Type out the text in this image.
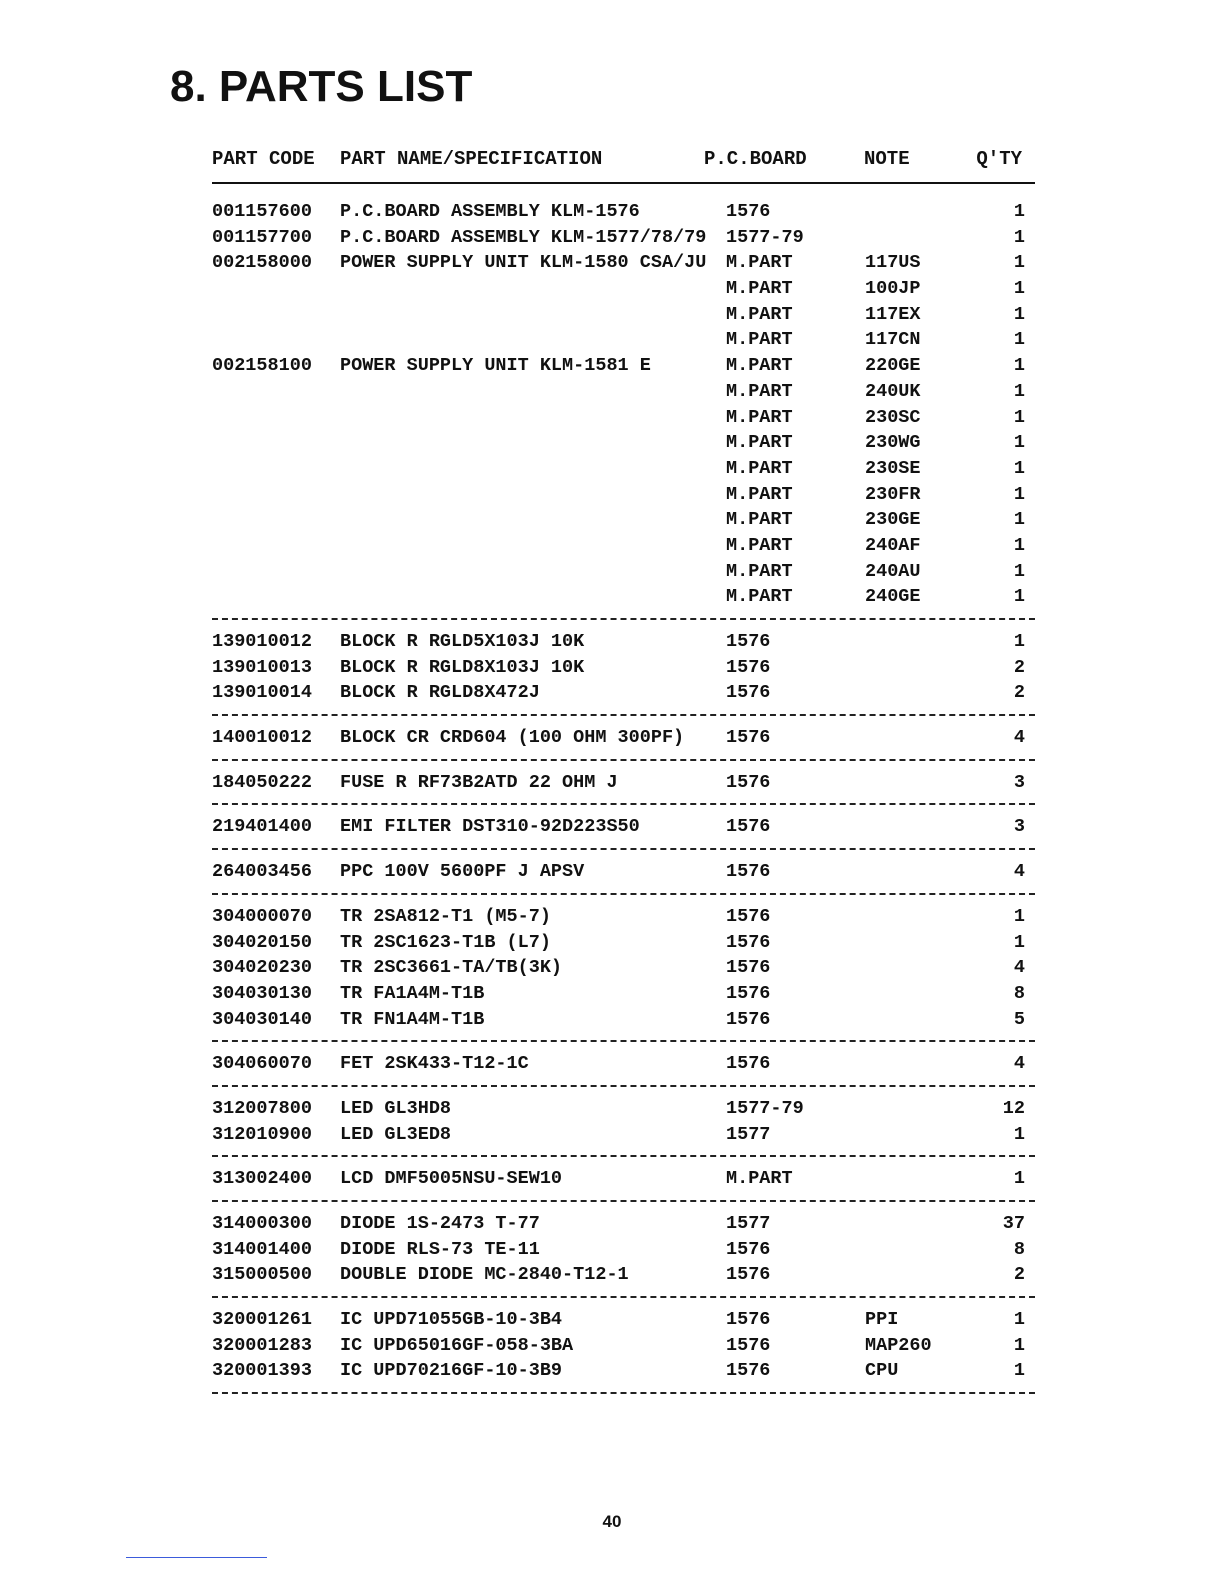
8. PARTS LIST
PART CODE PART NAME/SPECIFICATION	P.C.BOARD	NOTE	Q'TY
001157600 P.C.BOARD ASSEMBLY KLM-1576	1576	1
001157700 P.C.BOARD ASSEMBLY KLM-1577/78/79 1577-79	1
002158000 POWER SUPPLY UNIT KLM-1580 CSA/JU M.PART	117US	1
M.PART	100JP	1
M.PART	117EX	1
M.PART	117CN	1
002158100 POWER SUPPLY UNIT KLM-1581 E	M.PART	220GE	1
M.PART	240UK	1
M.PART	230SC	1
M.PART	230WG	1
M.PART	230SE	1
M.PART	230FR	1
M.PART	230GE	1
M.PART	240AF	1
M.PART	240AU	1
M.PART	240GE	1
139010012 BLOCK R RGLD5X103J 10K	1576	1
139010013 BLOCK R RGLD8X103J 10K	1576	2
139010014 BLOCK R RGLD8X472J	1576	2
140010012 BLOCK CR CRD604 (100 OHM 300PF) 1576	4
184050222 FUSE R RF73B2ATD 22 OHM J	1576	3
219401400 EMI FILTER DST310-92D223S50	1576	3
264003456 PPC 100V 5600PF J APSV	1576	4
304000070 TR 2SA812-T1 (M5-7)	1576	1
304020150 TR 2SC1623-T1B (L7)	1576	1
304020230 TR 2SC3661-TA/TB(3K)	1576	4
304030130 TR FA1A4M-T1B	1576	8
304030140 TR FN1A4M-T1B	1576	5
304060070 FET 2SK433-T12-1C	1576	4
312007800 LED GL3HD8	1577-79	12
312010900 LED GL3ED8	1577	1
313002400 LCD DMF5005NSU-SEW10	M.PART	1
314000300 DIODE 1S-2473 T-77	1577	37
314001400 DIODE RLS-73 TE-11	1576	8
315000500 DOUBLE DIODE MC-2840-T12-1	1576	2
320001261 IC UPD71055GB-10-3B4	1576	PPI	1
320001283 IC UPD65016GF-058-3BA	1576	MAP260	1
320001393 IC UPD70216GF-10-3B9	1576	CPU	1
40
